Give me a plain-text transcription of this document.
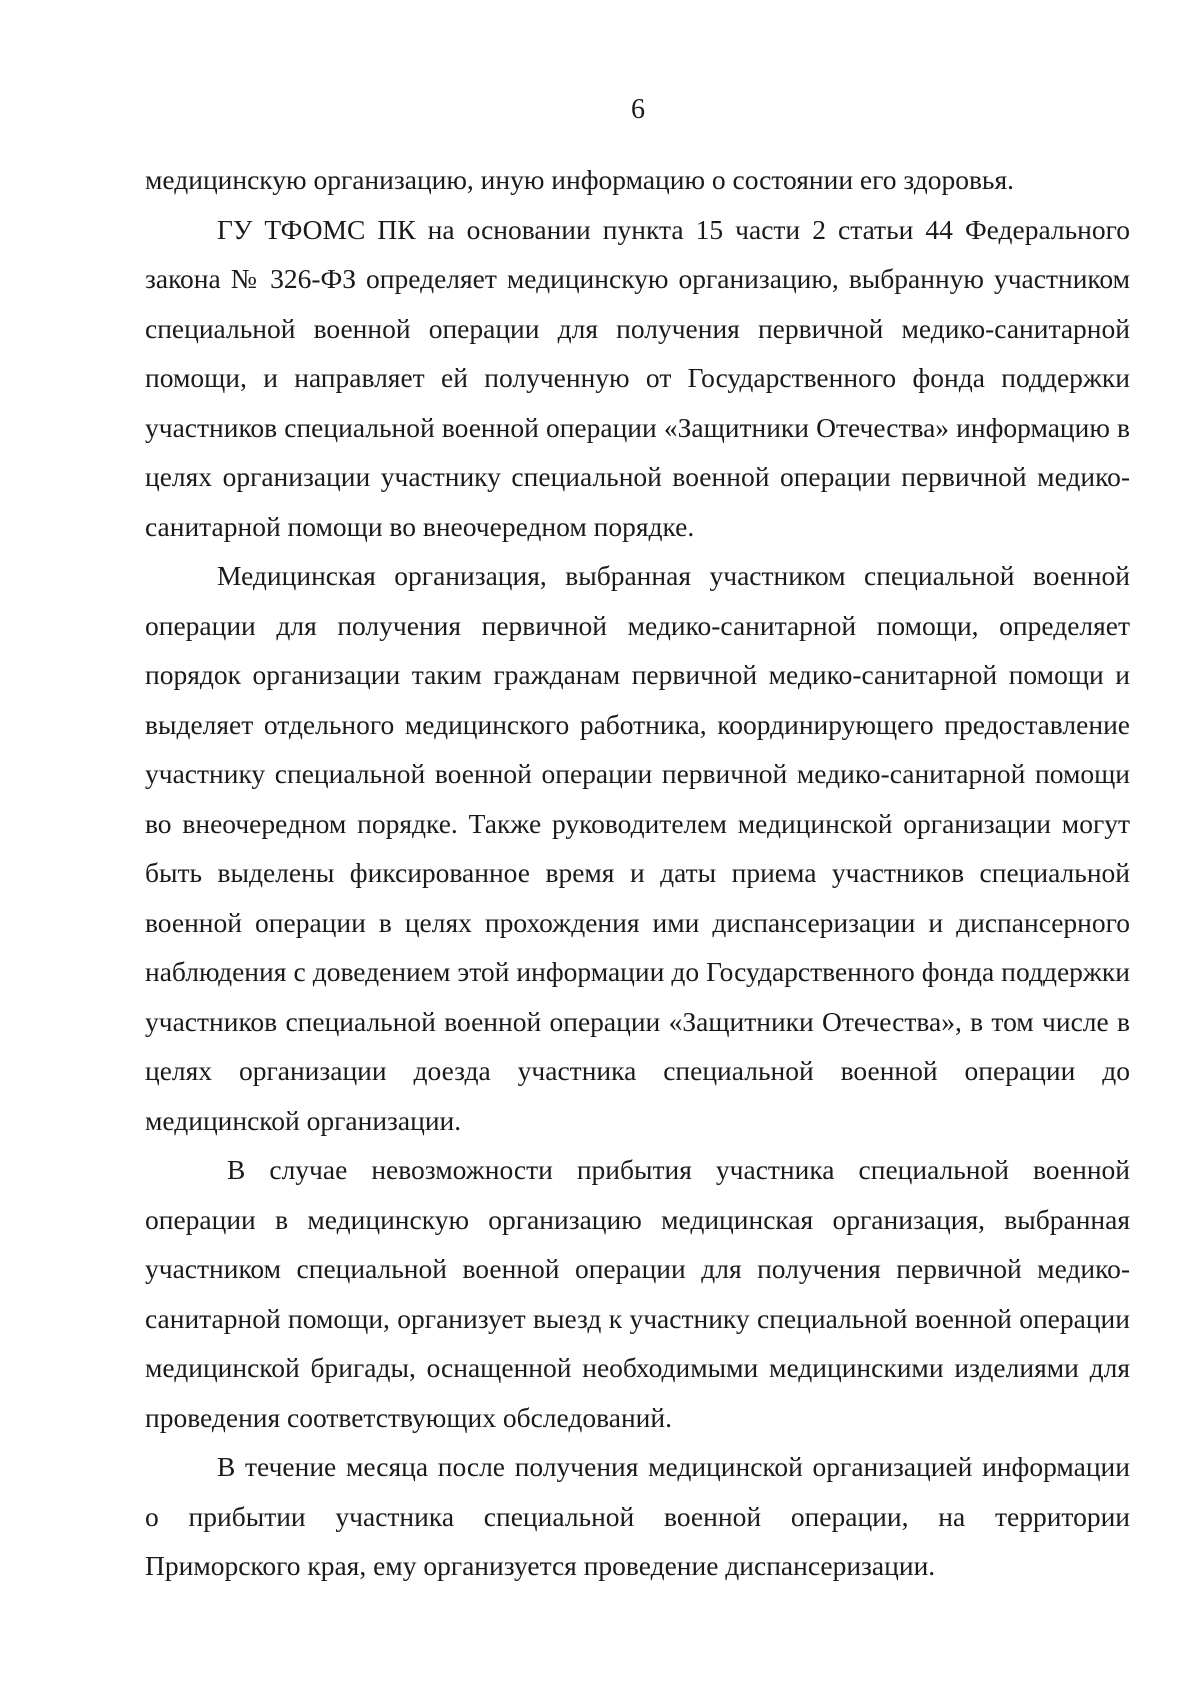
6

медицинскую организацию, иную информацию о состоянии его здоровья.

ГУ ТФОМС ПК на основании пункта 15 части 2 статьи 44 Федерального закона № 326-ФЗ определяет медицинскую организацию, выбранную участником специальной военной операции для получения первичной медико-санитарной помощи, и направляет ей полученную от Государственного фонда поддержки участников специальной военной операции «Защитники Отечества» информацию в целях организации участнику специальной военной операции первичной медико-санитарной помощи во внеочередном порядке.

Медицинская организация, выбранная участником специальной военной операции для получения первичной медико-санитарной помощи, определяет порядок организации таким гражданам первичной медико-санитарной помощи и выделяет отдельного медицинского работника, координирующего предоставление участнику специальной военной операции первичной медико-санитарной помощи во внеочередном порядке. Также руководителем медицинской организации могут быть выделены фиксированное время и даты приема участников специальной военной операции в целях прохождения ими диспансеризации и диспансерного наблюдения с доведением этой информации до Государственного фонда поддержки участников специальной военной операции «Защитники Отечества», в том числе в целях организации доезда участника специальной военной операции до медицинской организации.

В случае невозможности прибытия участника специальной военной операции в медицинскую организацию медицинская организация, выбранная участником специальной военной операции для получения первичной медико-санитарной помощи, организует выезд к участнику специальной военной операции медицинской бригады, оснащенной необходимыми медицинскими изделиями для проведения соответствующих обследований.

В течение месяца после получения медицинской организацией информации о прибытии участника специальной военной операции, на территории Приморского края, ему организуется проведение диспансеризации.
